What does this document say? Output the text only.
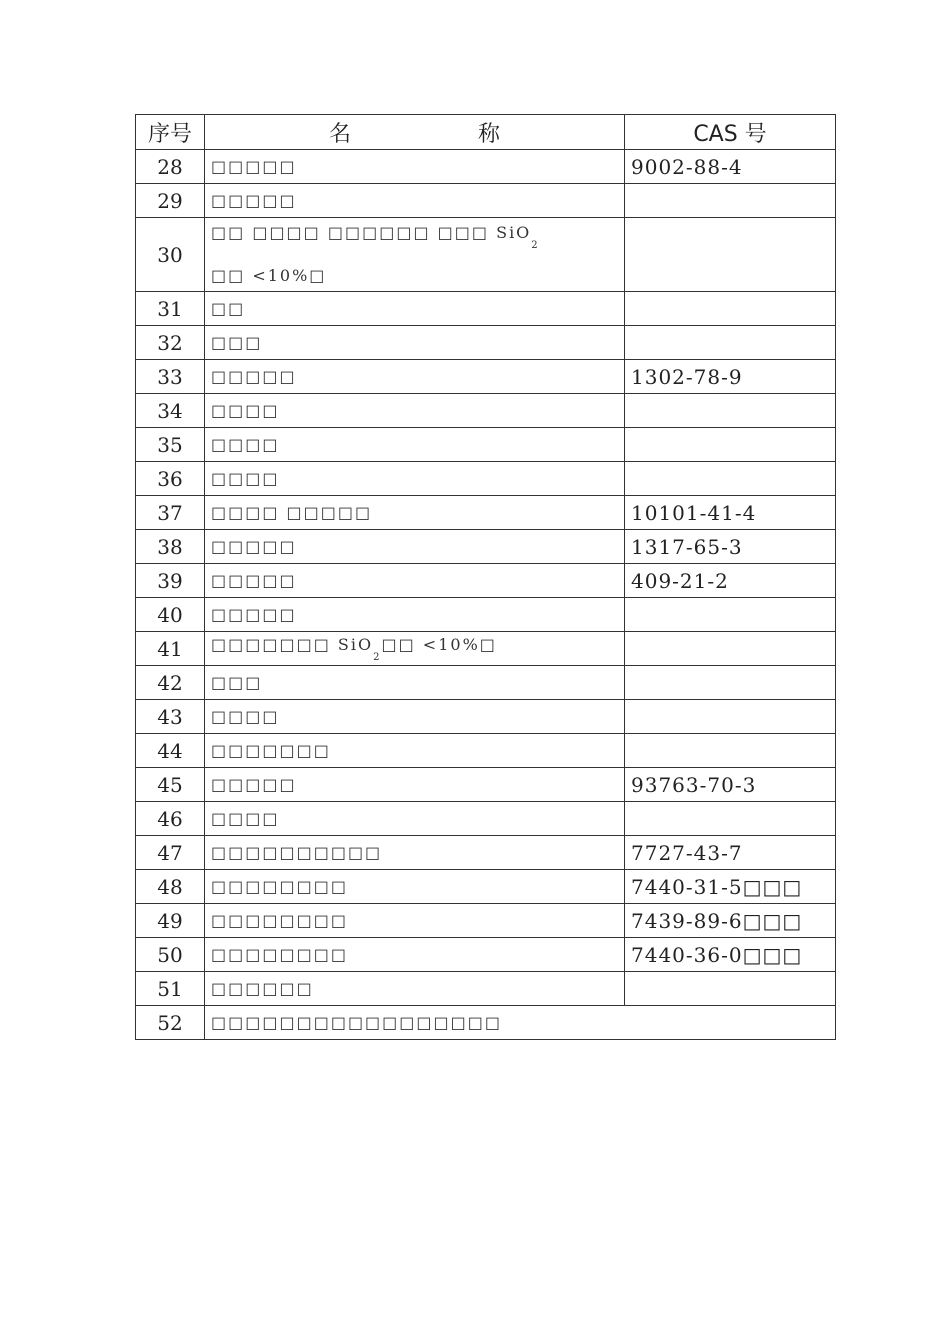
序号	名 称	CAS 号
28	□□□□□	9002-88-4
29	□□□□□	
30	□□ □□□□ □□□□□□ □□□ SiO$_2$
□□ <10%□	

31	□□	
32	□□□	
33	□□□□□	1302-78-9
34	□□□□	
35	□□□□	
36	□□□□	
37	□□□□ □□□□□	10101-41-4
38	□□□□□	1317-65-3
39	□□□□□	409-21-2
40	□□□□□	
41	□□□□□□□ SiO$_2$□□ <10%□	
42	□□□	
43	□□□□	
44	□□□□□□□	
45	□□□□□	93763-70-3
46	□□□□	
47	□□□□□□□□□□	7727-43-7
48	□□□□□□□□	7440-31-5□□□
49	□□□□□□□□	7439-89-6□□□
50	□□□□□□□□	7440-36-0□□□
51	□□□□□□	
52	□□□□□□□□□□□□□□□□□	
